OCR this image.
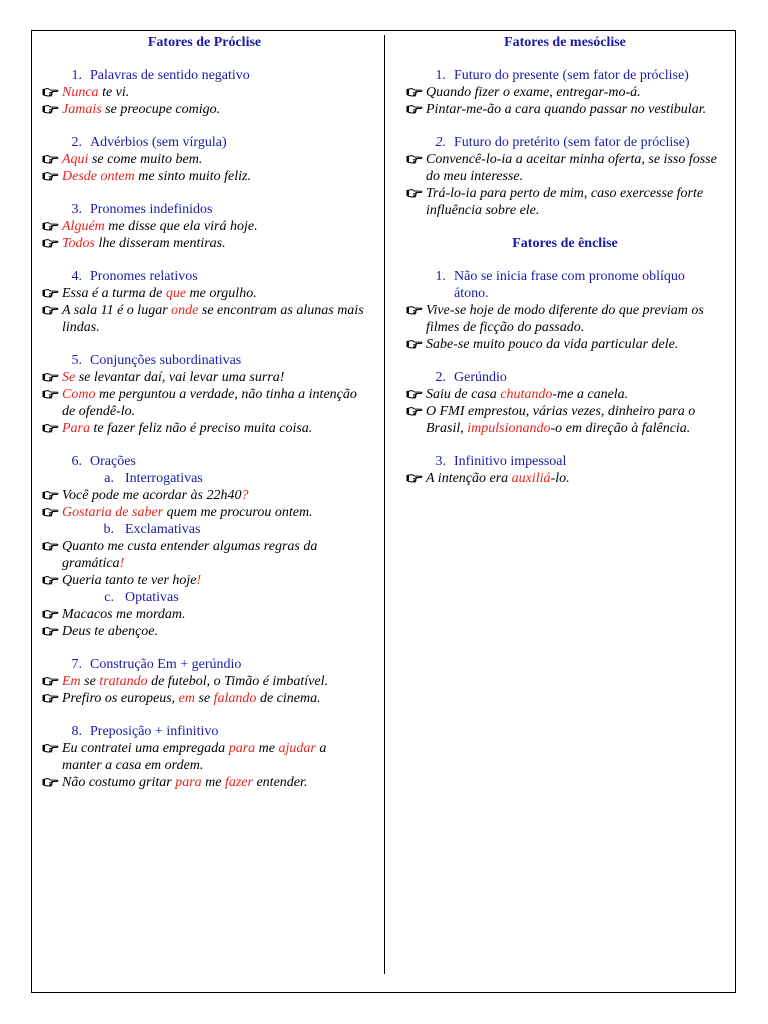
Fatores de Próclise
1. Palavras de sentido negativo
Nunca te vi.
Jamais se preocupe comigo.
2. Advérbios (sem vírgula)
Aqui se come muito bem.
Desde ontem me sinto muito feliz.
3. Pronomes indefinidos
Alguém me disse que ela virá hoje.
Todos lhe disseram mentiras.
4. Pronomes relativos
Essa é a turma de que me orgulho.
A sala 11 é o lugar onde se encontram as alunas mais lindas.
5. Conjunções subordinativas
Se se levantar daí, vai levar uma surra!
Como me perguntou a verdade, não tinha a intenção de ofendê-lo.
Para te fazer feliz não é preciso muita coisa.
6. Orações
a. Interrogativas
Você pode me acordar às 22h40?
Gostaria de saber quem me procurou ontem.
b. Exclamativas
Quanto me custa entender algumas regras da gramática!
Queria tanto te ver hoje!
c. Optativas
Macacos me mordam.
Deus te abençoe.
7. Construção Em + gerúndio
Em se tratando de futebol, o Timão é imbatível.
Prefiro os europeus, em se falando de cinema.
8. Preposição + infinitivo
Eu contratei uma empregada para me ajudar a manter a casa em ordem.
Não costumo gritar para me fazer entender.
Fatores de mesóclise
1. Futuro do presente (sem fator de próclise)
Quando fizer o exame, entregar-mo-á.
Pintar-me-ão a cara quando passar no vestibular.
2. Futuro do pretérito (sem fator de próclise)
Convencê-lo-ia a aceitar minha oferta, se isso fosse do meu interesse.
Trá-lo-ia para perto de mim, caso exercesse forte influência sobre ele.
Fatores de ênclise
1. Não se inicia frase com pronome oblíquo
átono.
Vive-se hoje de modo diferente do que previam os filmes de ficção do passado.
Sabe-se muito pouco da vida particular dele.
2. Gerúndio
Saiu de casa chutando-me a canela.
O FMI emprestou, várias vezes, dinheiro para o Brasil, impulsionando-o em direção à falência.
3. Infinitivo impessoal
A intenção era auxiliá-lo.
